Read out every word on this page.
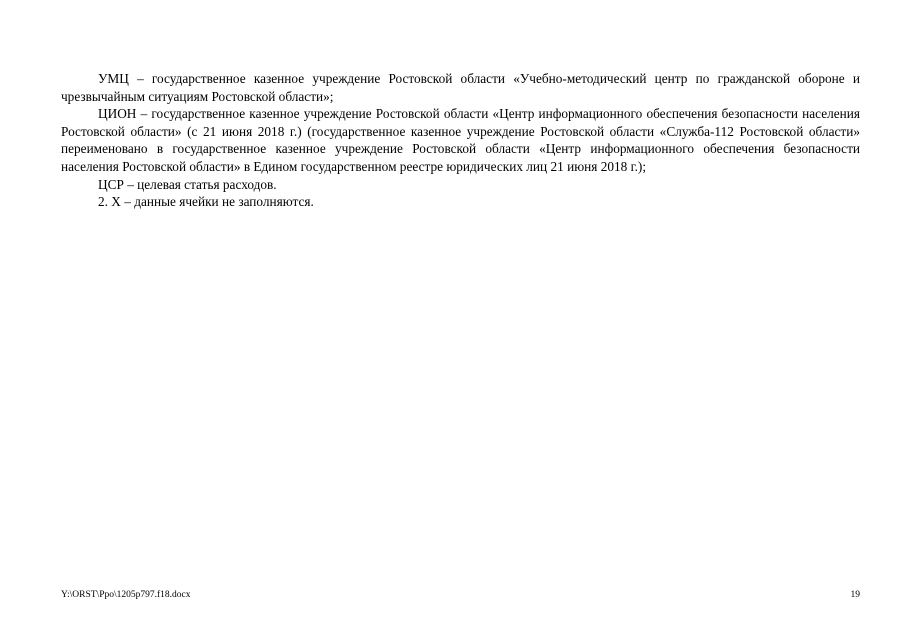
УМЦ – государственное казенное учреждение Ростовской области «Учебно-методический центр по гражданской обороне и чрезвычайным ситуациям Ростовской области»;

ЦИОН – государственное казенное учреждение Ростовской области «Центр информационного обеспечения безопасности населения Ростовской области» (с 21 июня 2018 г.) (государственное казенное учреждение Ростовской области «Служба-112 Ростовской области» переименовано в государственное казенное учреждение Ростовской области «Центр информационного обеспечения безопасности населения Ростовской области» в Едином государственном реестре юридических лиц 21 июня 2018 г.);

ЦСР – целевая статья расходов.

2. Х – данные ячейки не заполняются.

Y:\ORST\Ppo\1205p797.f18.docx	19
